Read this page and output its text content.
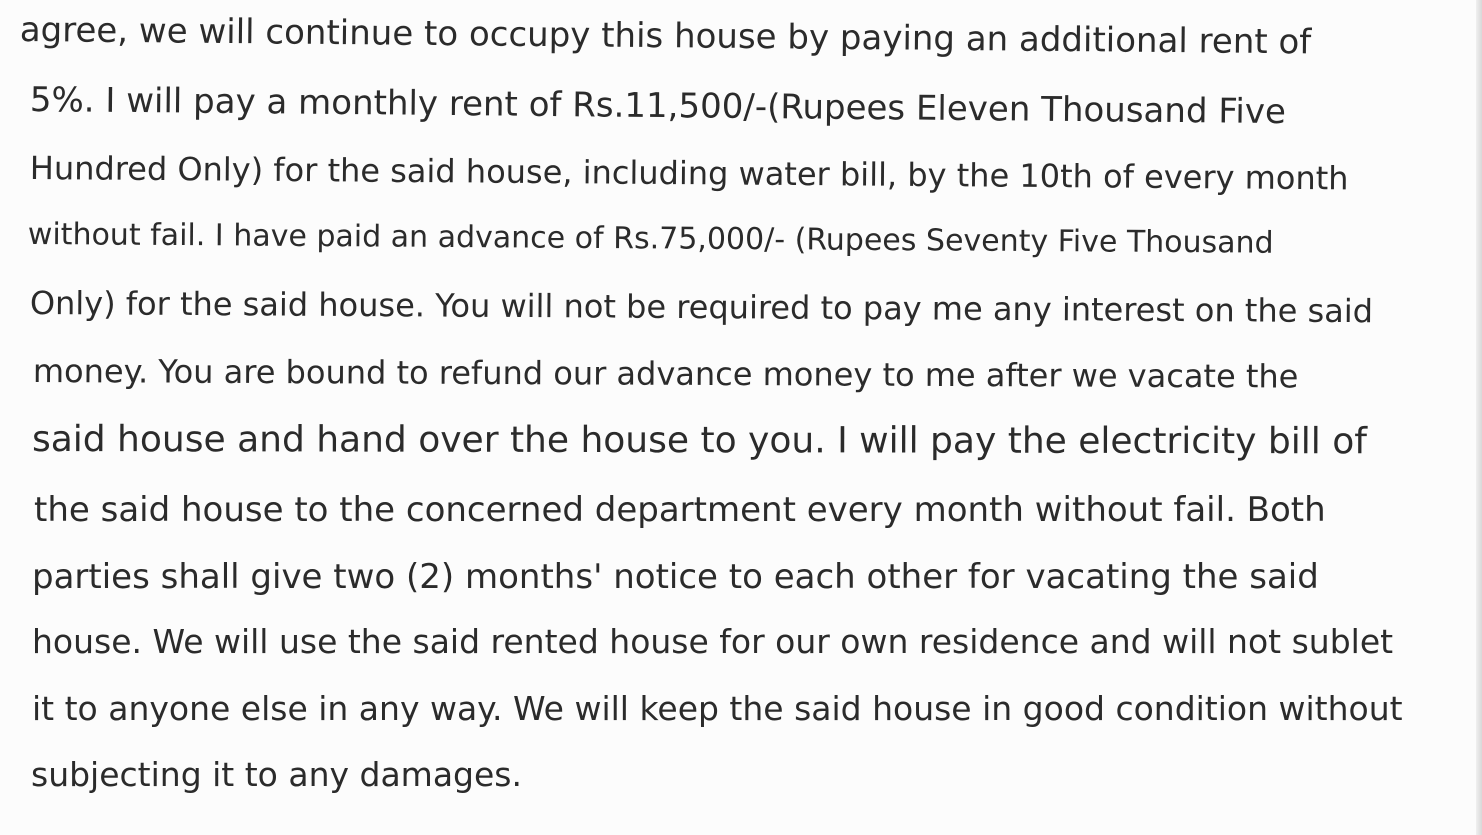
agree, we will continue to occupy this house by paying an additional rent of
5%. I will pay a monthly rent of Rs.11,500/-(Rupees Eleven Thousand Five
Hundred Only) for the said house, including water bill, by the 10th of every month
without fail. I have paid an advance of Rs.75,000/- (Rupees Seventy Five Thousand
Only) for the said house. You will not be required to pay me any interest on the said
money. You are bound to refund our advance money to me after we vacate the
said house and hand over the house to you. I will pay the electricity bill of
the said house to the concerned department every month without fail. Both
parties shall give two (2) months' notice to each other for vacating the said
house. We will use the said rented house for our own residence and will not sublet
it to anyone else in any way. We will keep the said house in good condition without
subjecting it to any damages.
